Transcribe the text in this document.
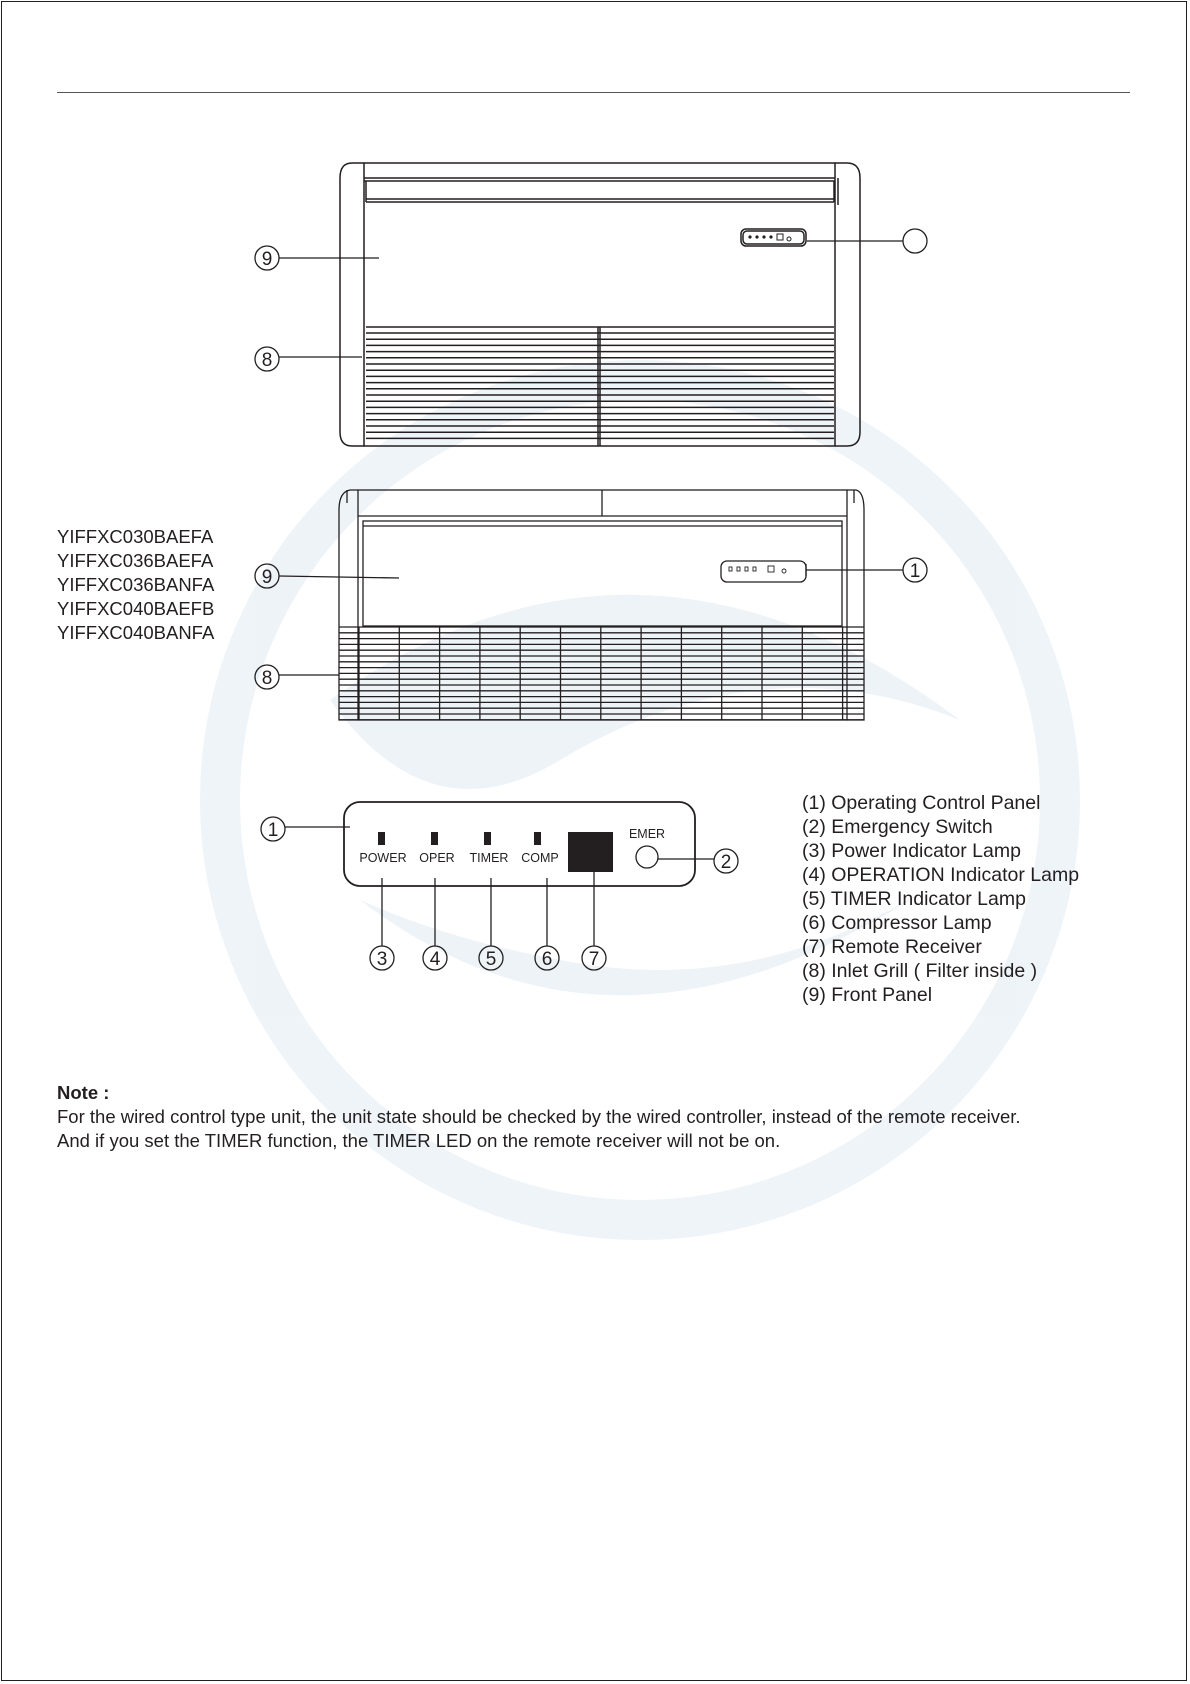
9
8
9
8
1
EMER
POWER OPER TIMER COMP
1
2
3 4 5 6 7
YIFFXC030BAEFA
YIFFXC036BAEFA
YIFFXC036BANFA
YIFFXC040BAEFB
YIFFXC040BANFA
(1) Operating Control Panel
(2) Emergency Switch
(3) Power Indicator Lamp
(4) OPERATION Indicator Lamp
(5) TIMER Indicator Lamp
(6) Compressor Lamp
(7) Remote Receiver
(8) Inlet Grill ( Filter inside )
(9) Front Panel

Note :

For the wired control type unit, the unit state should be checked by the wired controller, instead of the remote receiver.

And if you set the TIMER function, the TIMER LED on the remote receiver will not be on.
